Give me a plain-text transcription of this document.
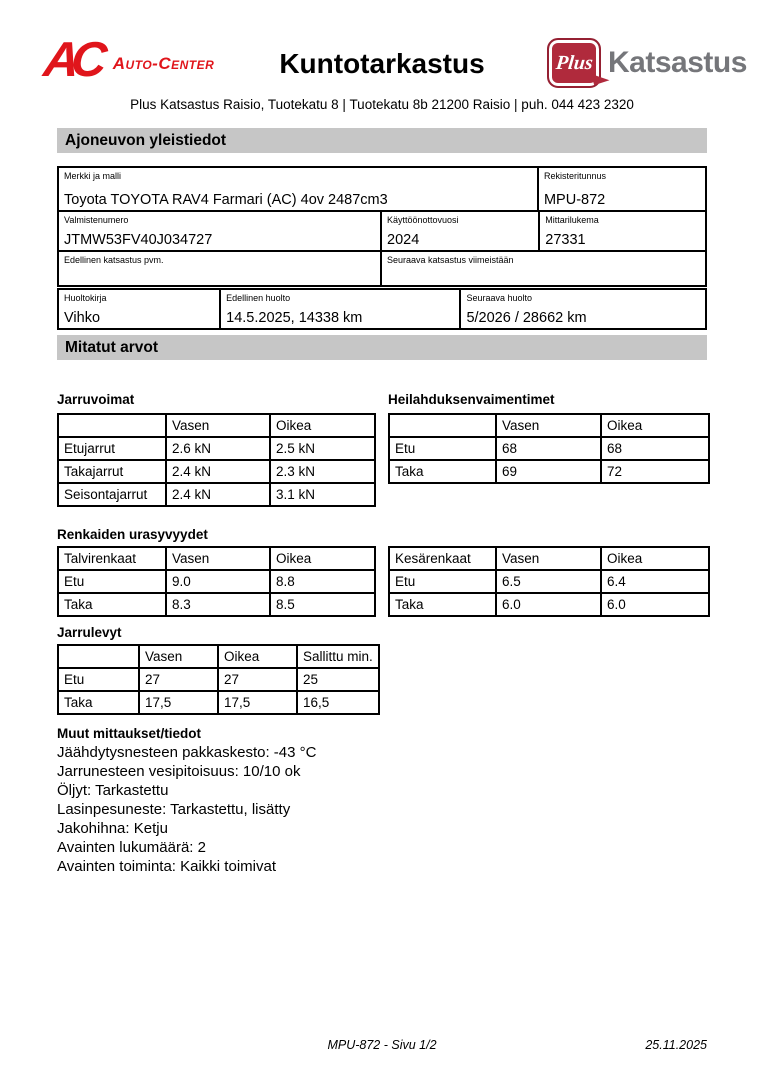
AC Auto-Center	Kuntotarkastus	Plus Katsastus
Plus Katsastus Raisio, Tuotekatu 8 | Tuotekatu 8b 21200 Raisio | puh. 044 423 2320
Ajoneuvon yleistiedot
Merkki ja malli
Toyota TOYOTA RAV4 Farmari (AC) 4ov 2487cm3
Rekisteritunnus
MPU-872
Valmistenumero
JTMW53FV40J034727
Käyttöönottovuosi
2024
Mittarilukema
27331
Edellinen katsastus pvm.	Seuraava katsastus viimeistään
Huoltokirja
Vihko
Edellinen huolto
14.5.2025, 14338 km
Seuraava huolto
5/2026 / 28662 km
Mitatut arvot
Jarruvoimat
	Vasen	Oikea
Etujarrut	2.6 kN	2.5 kN
Takajarrut	2.4 kN	2.3 kN
Seisontajarrut	2.4 kN	3.1 kN
Heilahduksenvaimentimet
	Vasen	Oikea
Etu	68	68
Taka	69	72
Renkaiden urasyvyydet
Talvirenkaat	Vasen	Oikea
Etu	9.0	8.8
Taka	8.3	8.5
Kesärenkaat	Vasen	Oikea
Etu	6.5	6.4
Taka	6.0	6.0
Jarrulevyt
	Vasen	Oikea	Sallittu min.
Etu	27	27	25
Taka	17,5	17,5	16,5
Muut mittaukset/tiedot
Jäähdytysnesteen pakkaskesto: -43 °C
Jarrunesteen vesipitoisuus: 10/10 ok
Öljyt: Tarkastettu
Lasinpesuneste: Tarkastettu, lisätty
Jakohihna: Ketju
Avainten lukumäärä: 2
Avainten toiminta: Kaikki toimivat
MPU-872 - Sivu 1/2	25.11.2025
